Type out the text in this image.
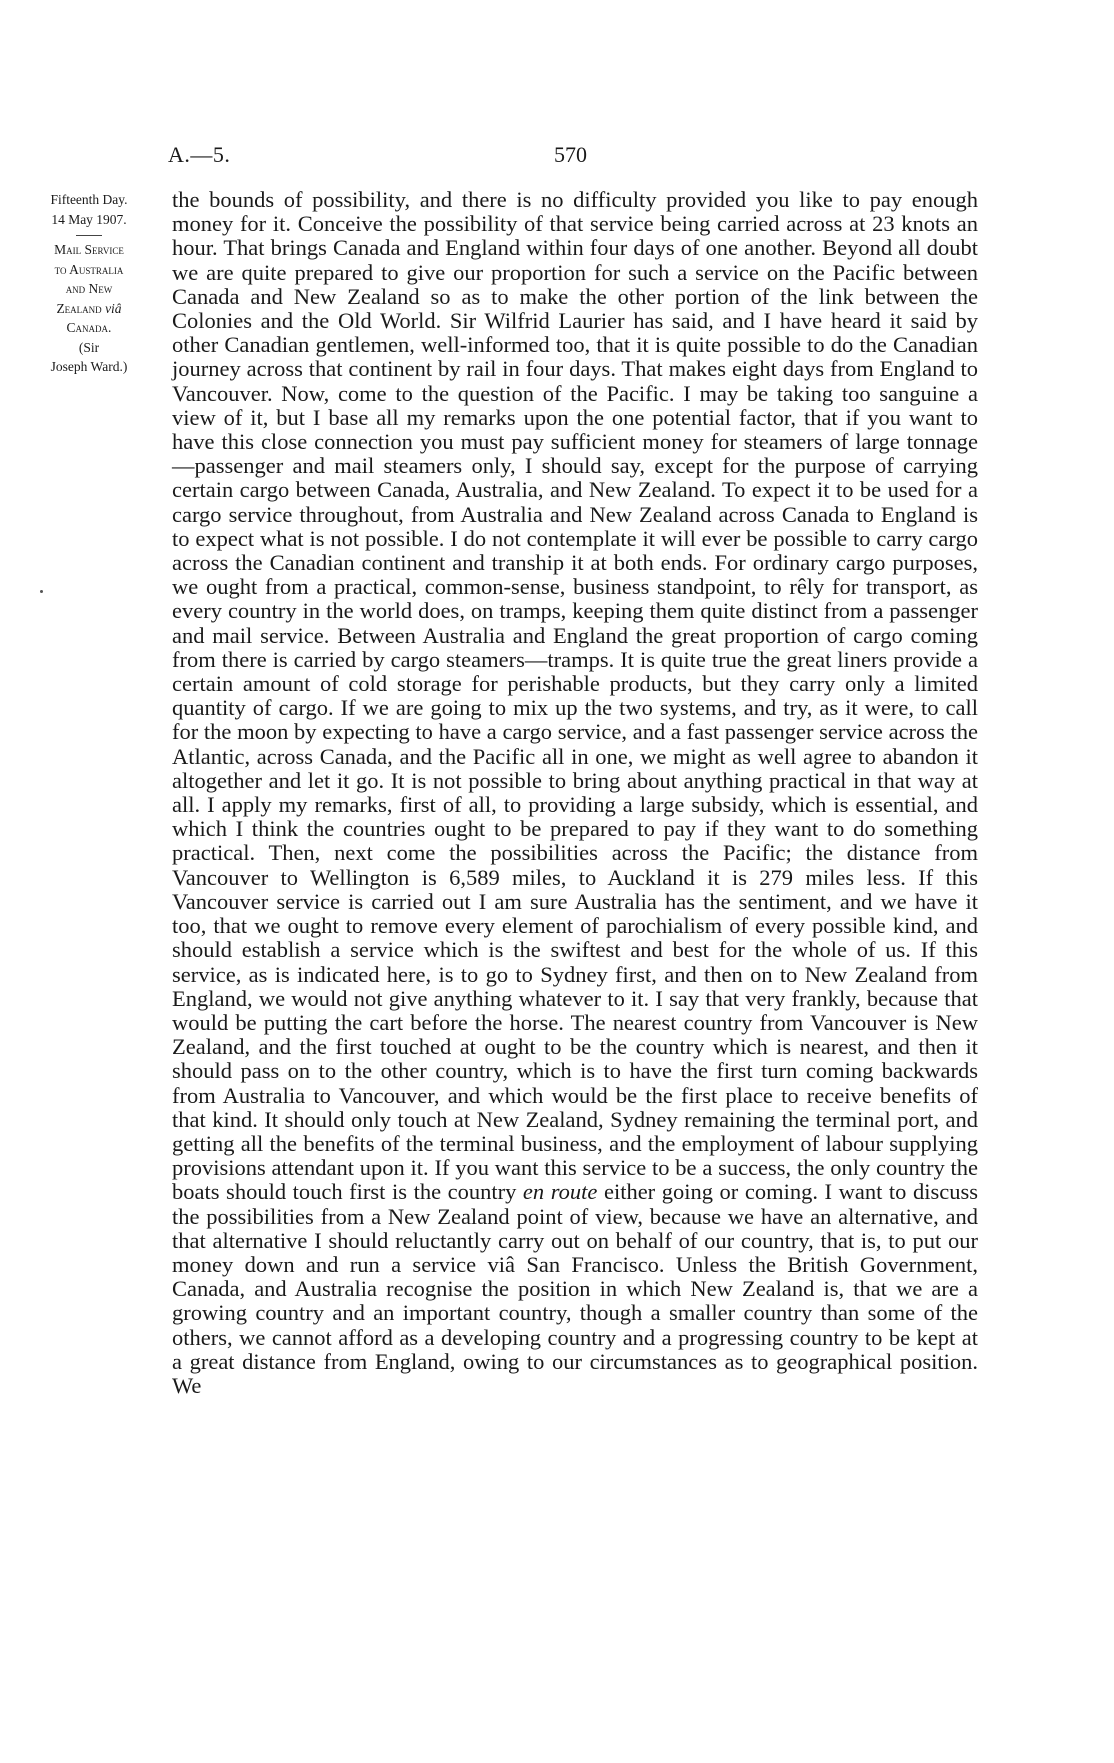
A.—5.	570
Fifteenth Day.
14 May 1907.
Mail Service
to Australia
and New
Zealand viâ
Canada.
(Sir
Joseph Ward.)

the bounds of possibility, and there is no difficulty provided you like to pay enough money for it. Conceive the possibility of that service being carried across at 23 knots an hour. That brings Canada and England within four days of one another. Beyond all doubt we are quite prepared to give our proportion for such a service on the Pacific between Canada and New Zealand so as to make the other portion of the link between the Colonies and the Old World. Sir Wilfrid Laurier has said, and I have heard it said by other Canadian gentlemen, well-informed too, that it is quite possible to do the Canadian journey across that continent by rail in four days. That makes eight days from England to Vancouver. Now, come to the question of the Pacific. I may be taking too sanguine a view of it, but I base all my remarks upon the one potential factor, that if you want to have this close connection you must pay sufficient money for steamers of large tonnage—passenger and mail steamers only, I should say, except for the purpose of carrying certain cargo between Canada, Australia, and New Zealand. To expect it to be used for a cargo service throughout, from Australia and New Zealand across Canada to England is to expect what is not possible. I do not contemplate it will ever be possible to carry cargo across the Canadian continent and tranship it at both ends. For ordinary cargo purposes, we ought from a practical, common-sense, business standpoint, to rêly for transport, as every country in the world does, on tramps, keeping them quite distinct from a passenger and mail service. Between Australia and England the great proportion of cargo coming from there is carried by cargo steamers—tramps. It is quite true the great liners provide a certain amount of cold storage for perishable products, but they carry only a limited quantity of cargo. If we are going to mix up the two systems, and try, as it were, to call for the moon by expecting to have a cargo service, and a fast passenger service across the Atlantic, across Canada, and the Pacific all in one, we might as well agree to abandon it altogether and let it go. It is not possible to bring about anything practical in that way at all. I apply my remarks, first of all, to providing a large subsidy, which is essential, and which I think the countries ought to be prepared to pay if they want to do something practical. Then, next come the possibilities across the Pacific; the distance from Vancouver to Wellington is 6,589 miles, to Auckland it is 279 miles less. If this Vancouver service is carried out I am sure Australia has the sentiment, and we have it too, that we ought to remove every element of parochialism of every possible kind, and should establish a service which is the swiftest and best for the whole of us. If this service, as is indicated here, is to go to Sydney first, and then on to New Zealand from England, we would not give anything whatever to it. I say that very frankly, because that would be putting the cart before the horse. The nearest country from Vancouver is New Zealand, and the first touched at ought to be the country which is nearest, and then it should pass on to the other country, which is to have the first turn coming backwards from Australia to Vancouver, and which would be the first place to receive benefits of that kind. It should only touch at New Zealand, Sydney remaining the terminal port, and getting all the benefits of the terminal business, and the employment of labour supplying provisions attendant upon it. If you want this service to be a success, the only country the boats should touch first is the country en route either going or coming. I want to discuss the possibilities from a New Zealand point of view, because we have an alternative, and that alternative I should reluctantly carry out on behalf of our country, that is, to put our money down and run a service viâ San Francisco. Unless the British Government, Canada, and Australia recognise the position in which New Zealand is, that we are a growing country and an important country, though a smaller country than some of the others, we cannot afford as a developing country and a progressing country to be kept at a great distance from England, owing to our circumstances as to geographical position. We
